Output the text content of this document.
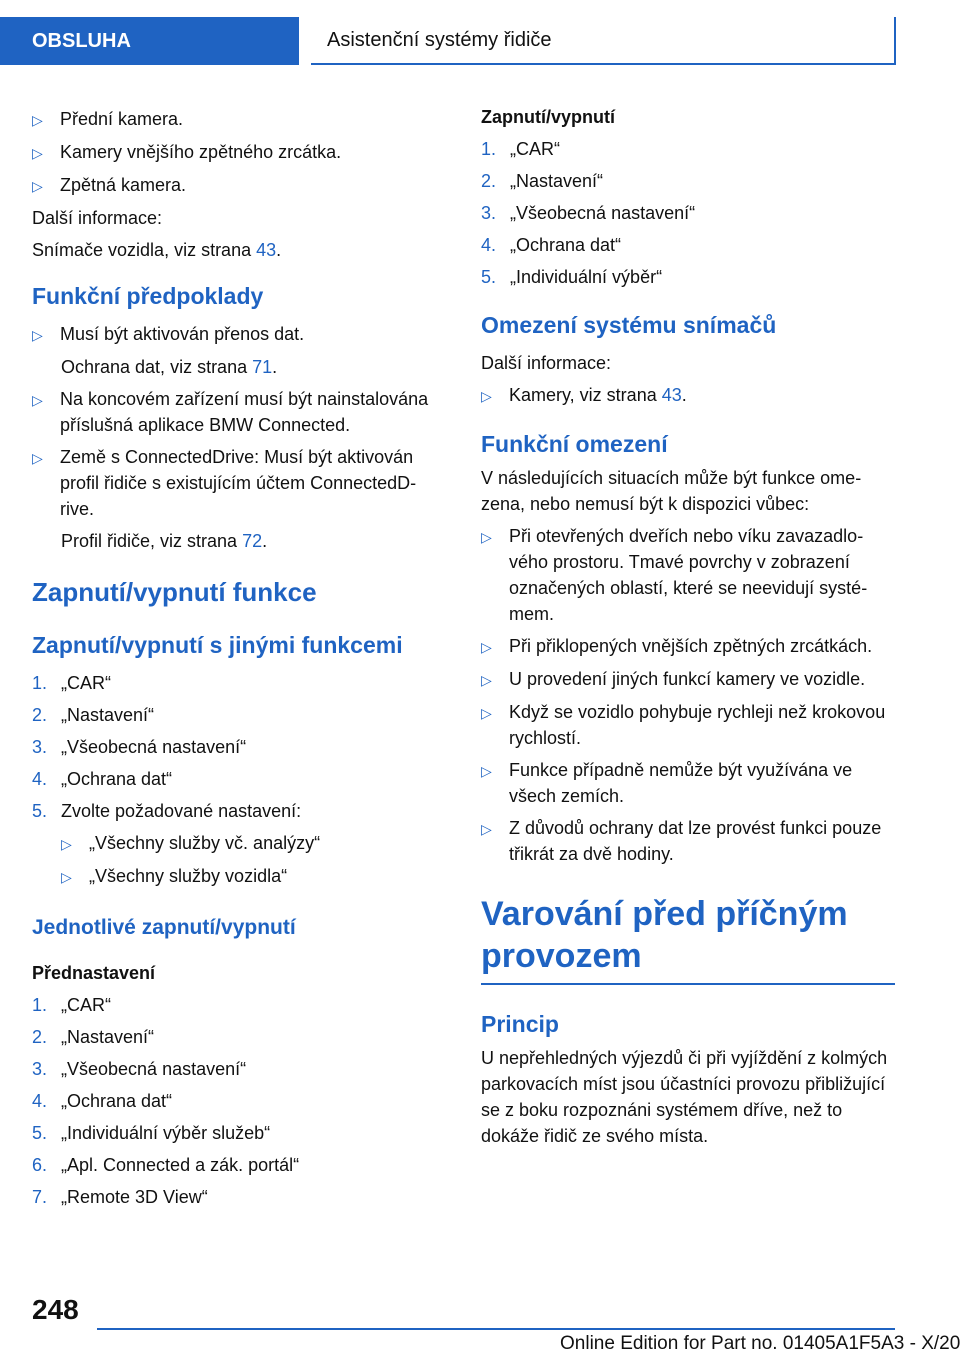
OBSLUHA	Asistenční systémy řidiče
▷ Přední kamera.
▷ Kamery vnějšího zpětného zrcátka.
▷ Zpětná kamera.
Další informace:
Snímače vozidla, viz strana 43.
Funkční předpoklady
▷ Musí být aktivován přenos dat.
Ochrana dat, viz strana 71.
▷ Na koncovém zařízení musí být nainstalována příslušná aplikace BMW Connected.
▷ Země s ConnectedDrive: Musí být aktivován profil řidiče s existujícím účtem ConnectedDrive.
Profil řidiče, viz strana 72.
Zapnutí/vypnutí funkce
Zapnutí/vypnutí s jinými funkcemi
1. „CAR“
2. „Nastavení“
3. „Všeobecná nastavení“
4. „Ochrana dat“
5. Zvolte požadované nastavení:
▷ „Všechny služby vč. analýzy“
▷ „Všechny služby vozidla“
Jednotlivé zapnutí/vypnutí
Přednastavení
1. „CAR“
2. „Nastavení“
3. „Všeobecná nastavení“
4. „Ochrana dat“
5. „Individuální výběr služeb“
6. „Apl. Connected a zák. portál“
7. „Remote 3D View“
Zapnutí/vypnutí
1. „CAR“
2. „Nastavení“
3. „Všeobecná nastavení“
4. „Ochrana dat“
5. „Individuální výběr“
Omezení systému snímačů
Další informace:
▷ Kamery, viz strana 43.
Funkční omezení
V následujících situacích může být funkce omezena, nebo nemusí být k dispozici vůbec:
▷ Při otevřených dveřích nebo víku zavazadlového prostoru. Tmavé povrchy v zobrazení označených oblastí, které se neevidují systémem.
▷ Při přiklopených vnějších zpětných zrcátkách.
▷ U provedení jiných funkcí kamery ve vozidle.
▷ Když se vozidlo pohybuje rychleji než krokovou rychlostí.
▷ Funkce případně nemůže být využívána ve všech zemích.
▷ Z důvodů ochrany dat lze provést funkci pouze třikrát za dvě hodiny.
Varování před příčným provozem
Princip
U nepřehledných výjezdů či při vyjíždění z kolmých parkovacích míst jsou účastníci provozu přibližující se z boku rozpoznáni systémem dříve, než to dokáže řidič ze svého místa.
248
Online Edition for Part no. 01405A1F5A3 - X/20
